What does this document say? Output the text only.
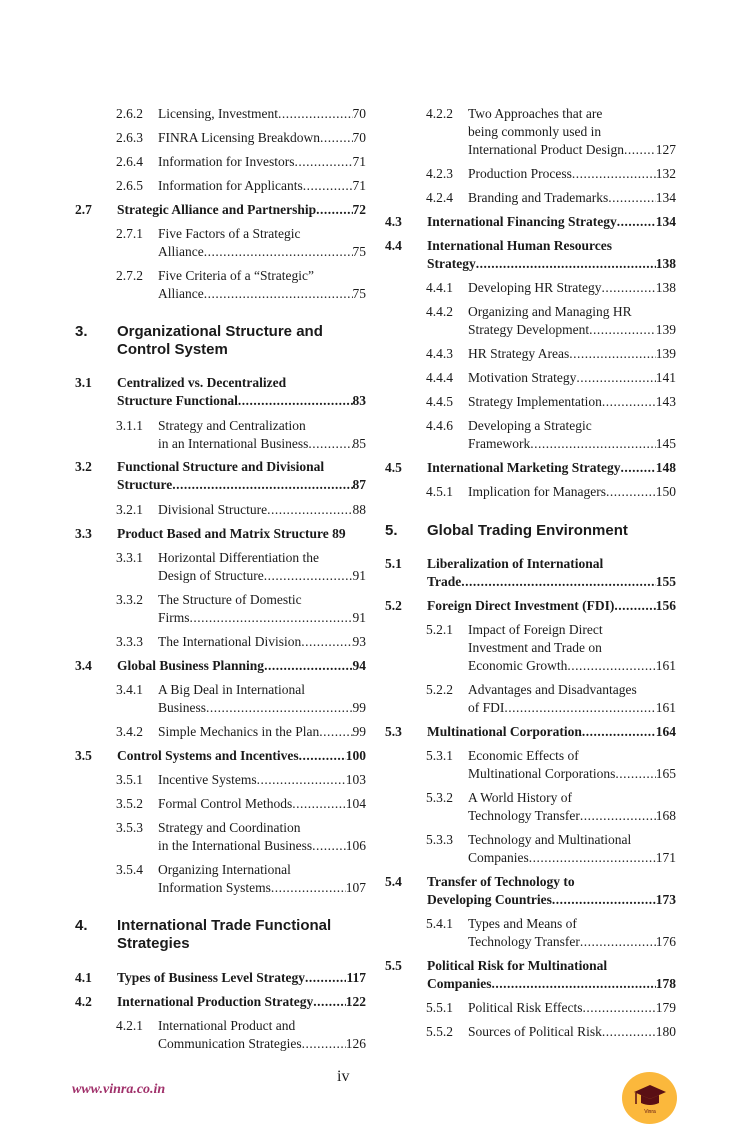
2.6.2	Licensing, Investment .....	70
2.6.3	FINRA Licensing Breakdown ..... 70
2.6.4	Information for Investors .....	71
2.6.5	Information for Applicants .....	71
2.7	Strategic Alliance and Partnership .....	72
2.7.1	Five Factors of a Strategic
Alliance .....	75
2.7.2	Five Criteria of a “Strategic”
Alliance .....	75
3.	Organizational Structure and
Control System
3.1	Centralized vs. Decentralized
Structure Functional .....	83
3.1.1	Strategy and Centralization
in an International Business .....	85
3.2	Functional Structure and Divisional
Structure .....	87
3.2.1	Divisional Structure .....	88
3.3	Product Based and Matrix Structure 89
3.3.1	Horizontal Differentiation the
Design of Structure .....	91
3.3.2	The Structure of Domestic
Firms .....	91
3.3.3	The International Division .....	93
3.4	Global Business Planning .....	94
3.4.1	A Big Deal in International
Business .....	99
3.4.2	Simple Mechanics in the Plan ..... 99
3.5	Control Systems and Incentives .....	100
3.5.1	Incentive Systems .....	103
3.5.2	Formal Control Methods .....	104
3.5.3	Strategy and Coordination
in the International Business ..... 106
3.5.4	Organizing International
Information Systems .....	107
4.	International Trade Functional
Strategies
4.1	Types of Business Level Strategy .....	117
4.2	International Production Strategy ..... 122
4.2.1	International Product and
Communication Strategies .....	126
4.2.2	Two Approaches that are
being commonly used in
International Product Design ..... 127
4.2.3	Production Process .....	132
4.2.4	Branding and Trademarks .....	134
4.3	International Financing Strategy .....	134
4.4	International Human Resources
Strategy .....	138
4.4.1	Developing HR Strategy .....	138
4.4.2	Organizing and Managing HR
Strategy Development .....	139
4.4.3	HR Strategy Areas .....	139
4.4.4	Motivation Strategy .....	141
4.4.5	Strategy Implementation .....	143
4.4.6	Developing a Strategic
Framework .....	145
4.5	International Marketing Strategy .....	148
4.5.1	Implication for Managers .....	150
5.	Global Trading Environment
5.1	Liberalization of International
Trade .....	155
5.2	Foreign Direct Investment (FDI) .....	156
5.2.1	Impact of Foreign Direct
Investment and Trade on
Economic Growth .....	161
5.2.2	Advantages and Disadvantages
of FDI .....	161
5.3	Multinational Corporation .....	164
5.3.1	Economic Effects of
Multinational Corporations .....	165
5.3.2	A World History of
Technology Transfer .....	168
5.3.3	Technology and Multinational
Companies .....	171
5.4	Transfer of Technology to
Developing Countries .....	173
5.4.1	Types and Means of
Technology Transfer .....	176
5.5	Political Risk for Multinational
Companies .....	178
5.5.1	Political Risk Effects .....	179
5.5.2	Sources of Political Risk .....	180
iv
www.vinra.co.in
Vinra
